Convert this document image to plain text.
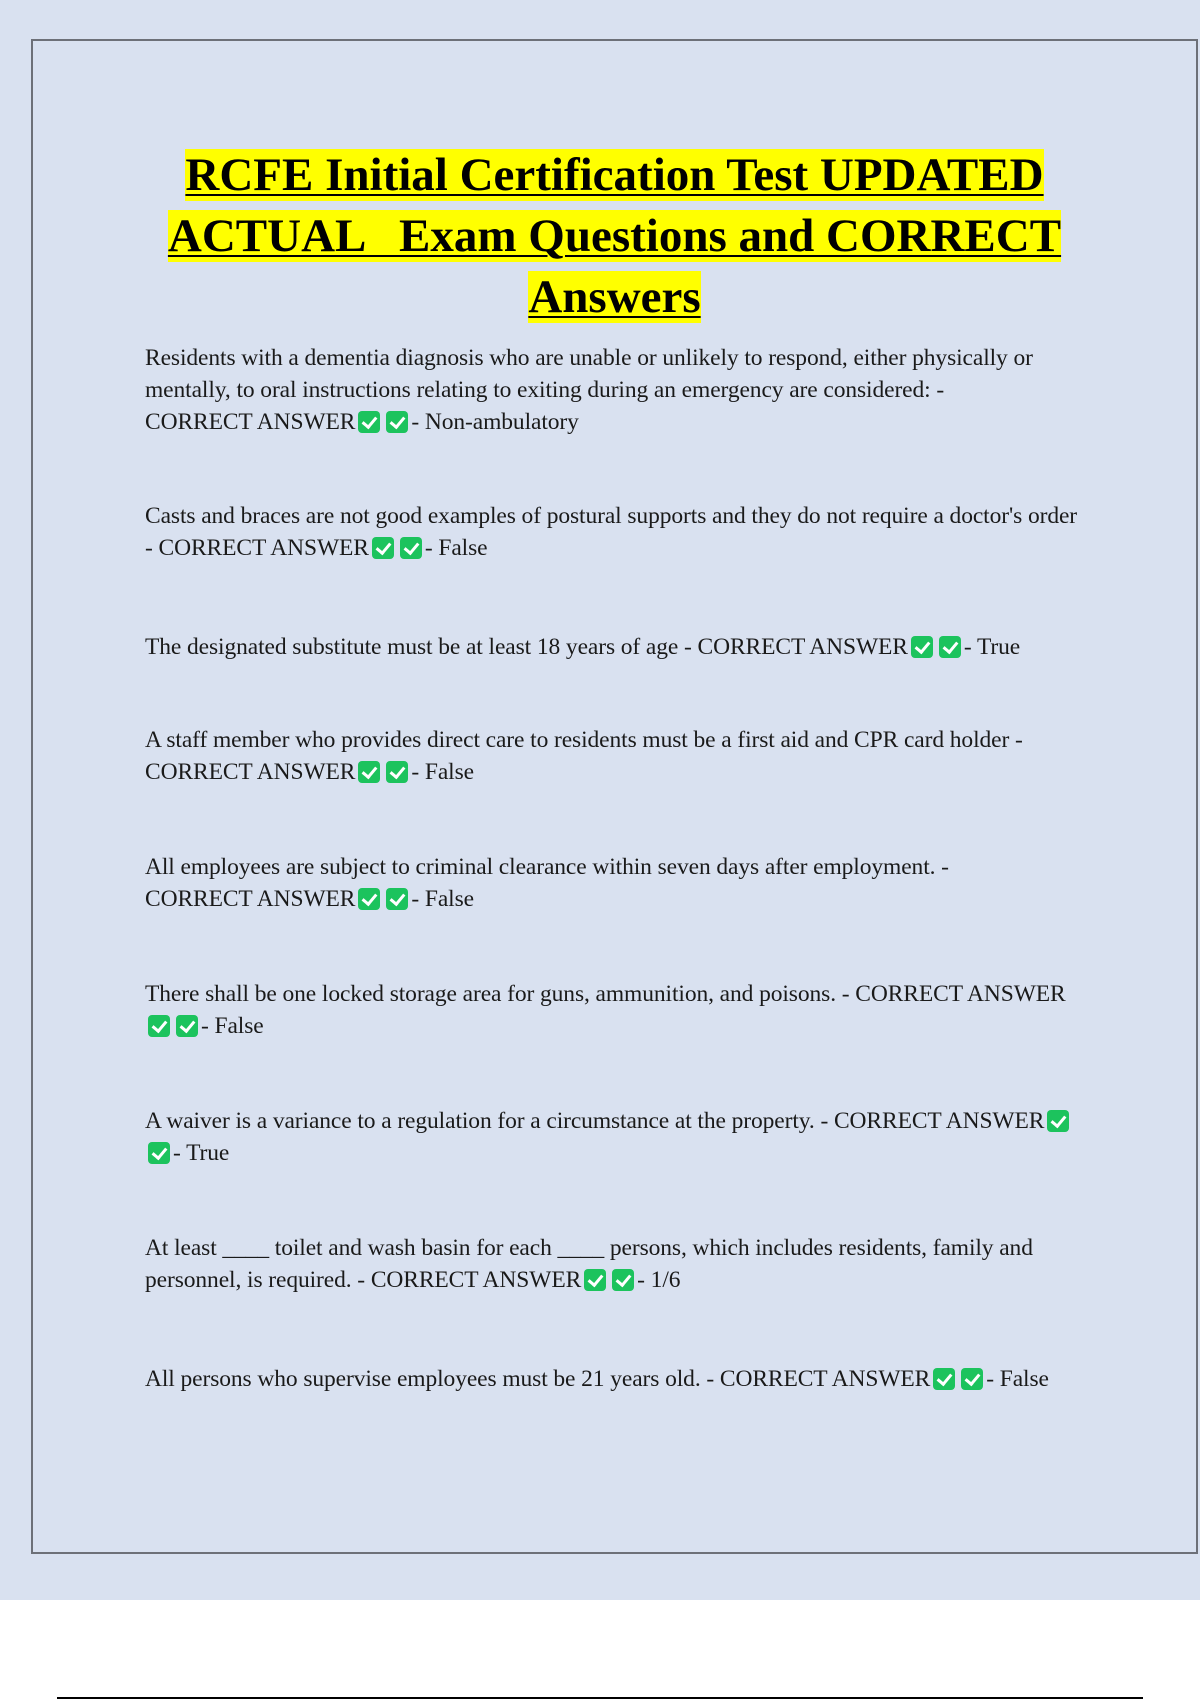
RCFE Initial Certification Test UPDATED
ACTUAL   Exam Questions and CORRECT
Answers

Residents with a dementia diagnosis who are unable or unlikely to respond, either physically or mentally, to oral instructions relating to exiting during an emergency are considered: -
CORRECT ANSWER - Non-ambulatory

Casts and braces are not good examples of postural supports and they do not require a doctor's order - CORRECT ANSWER - False

The designated substitute must be at least 18 years of age - CORRECT ANSWER - True

A staff member who provides direct care to residents must be a first aid and CPR card holder -
CORRECT ANSWER - False

All employees are subject to criminal clearance within seven days after employment. -
CORRECT ANSWER - False

There shall be one locked storage area for guns, ammunition, and poisons. - CORRECT ANSWER- False

A waiver is a variance to a regulation for a circumstance at the property. - CORRECT ANSWER- True

At least ____ toilet and wash basin for each ____ persons, which includes residents, family and personnel, is required. - CORRECT ANSWER - 1/6

All persons who supervise employees must be 21 years old. - CORRECT ANSWER - False
